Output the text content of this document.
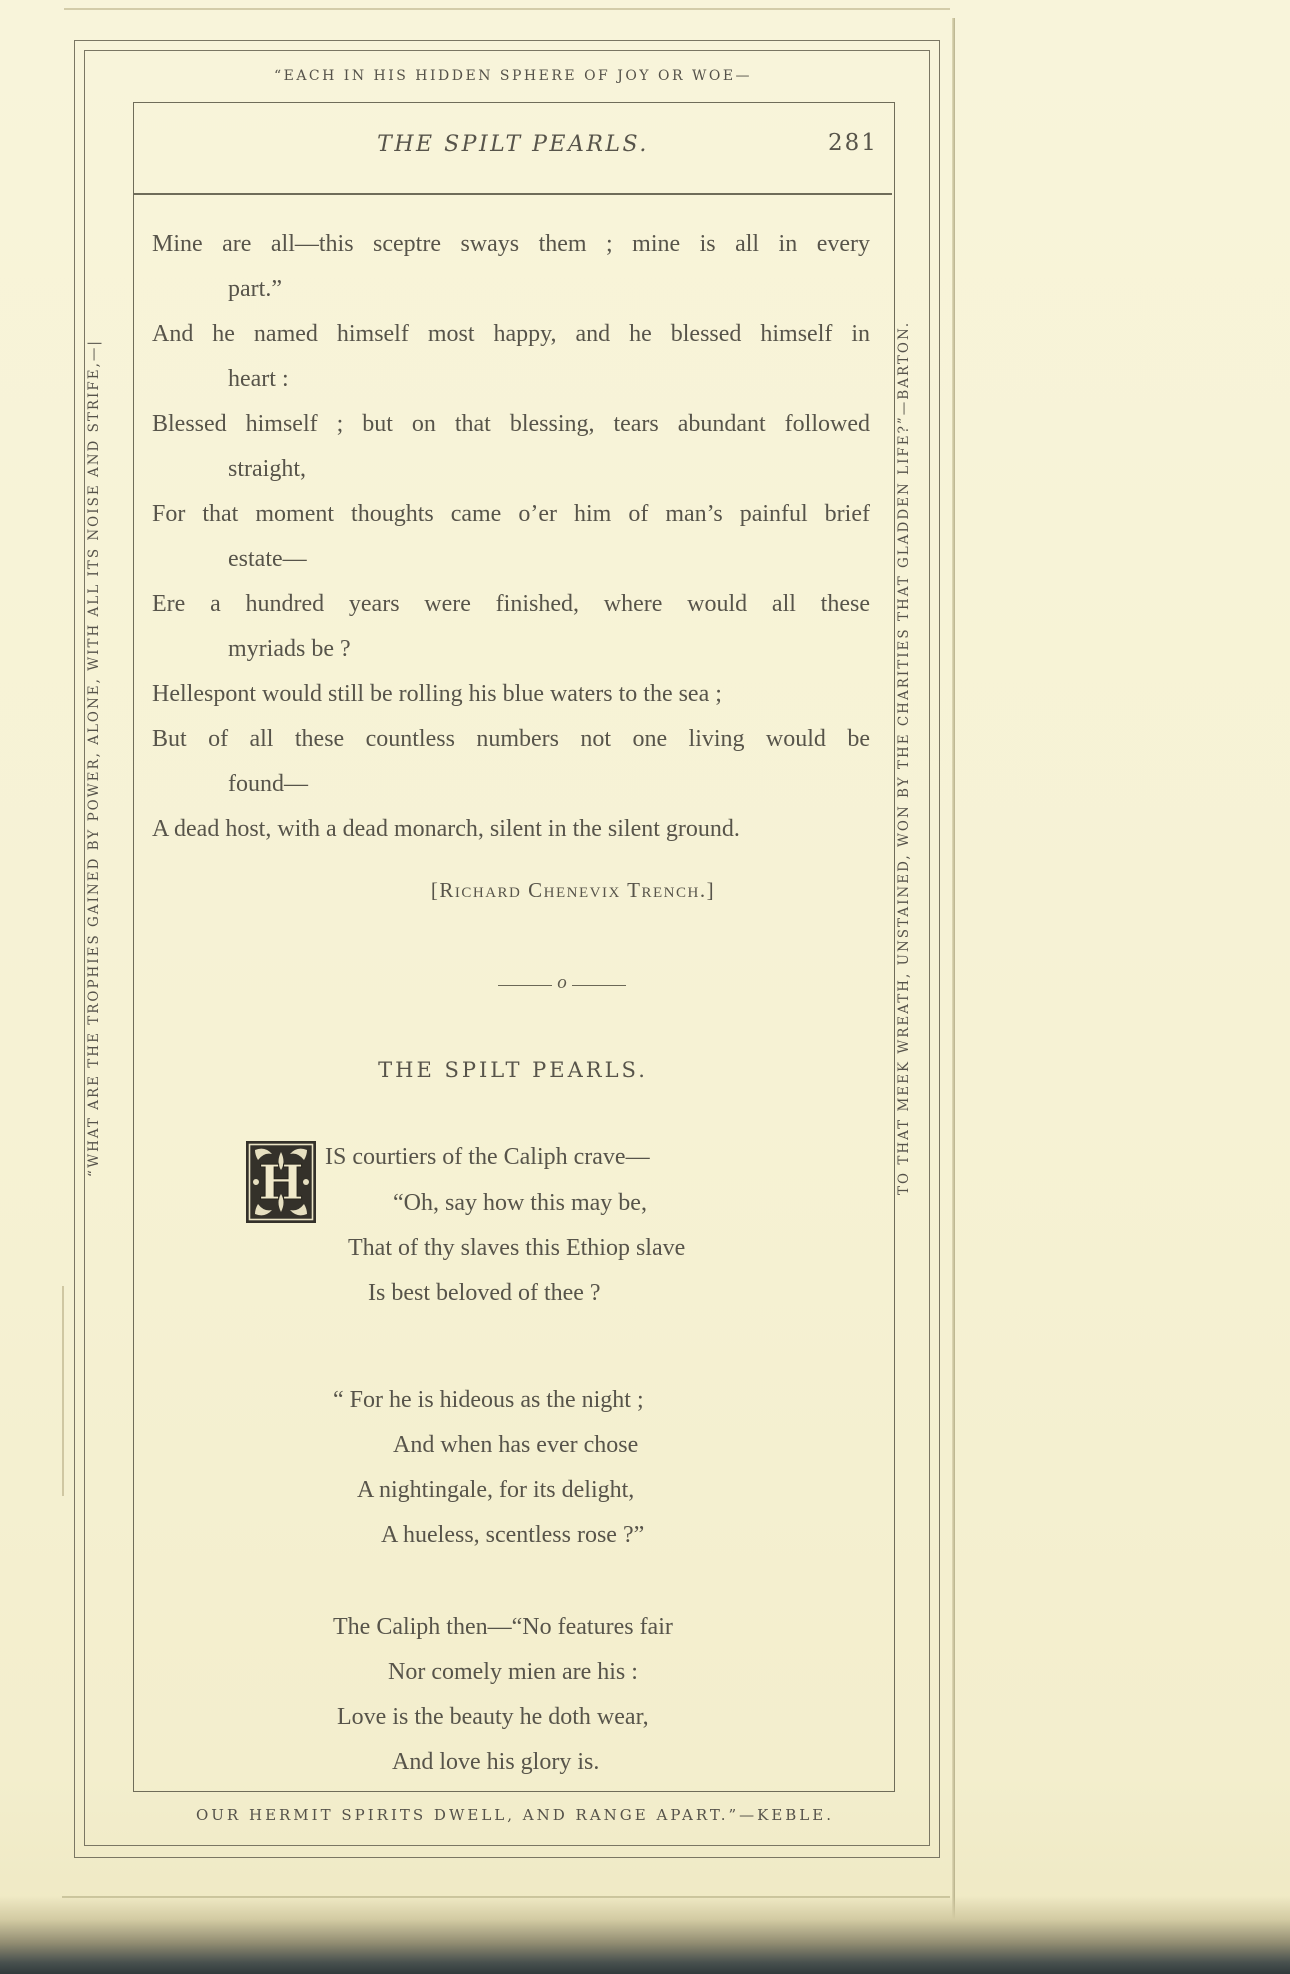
“EACH IN HIS HIDDEN SPHERE OF JOY OR WOE—
THE SPILT PEARLS.	281
Mine are all—this sceptre sways them ; mine is all in every
part.”
And he named himself most happy, and he blessed himself in
heart :
Blessed himself ; but on that blessing, tears abundant followed
straight,
For that moment thoughts came o’er him of man’s painful brief
estate—
Ere a hundred years were finished, where would all these
myriads be ?
Hellespont would still be rolling his blue waters to the sea ;
But of all these countless numbers not one living would be
found—
A dead host, with a dead monarch, silent in the silent ground.
[Richard Chenevix Trench.]
o
THE SPILT PEARLS.
H IS courtiers of the Caliph crave—
“Oh, say how this may be,
That of thy slaves this Ethiop slave
Is best beloved of thee ?
“ For he is hideous as the night ;
And when has ever chose
A nightingale, for its delight,
A hueless, scentless rose ?”
The Caliph then—“No features fair
Nor comely mien are his :
Love is the beauty he doth wear,
And love his glory is.
OUR HERMIT SPIRITS DWELL, AND RANGE APART.”—KEBLE.
“WHAT ARE THE TROPHIES GAINED BY POWER, ALONE, WITH ALL ITS NOISE AND STRIFE,—|	TO THAT MEEK WREATH, UNSTAINED, WON BY THE CHARITIES THAT GLADDEN LIFE?”—BARTON.
